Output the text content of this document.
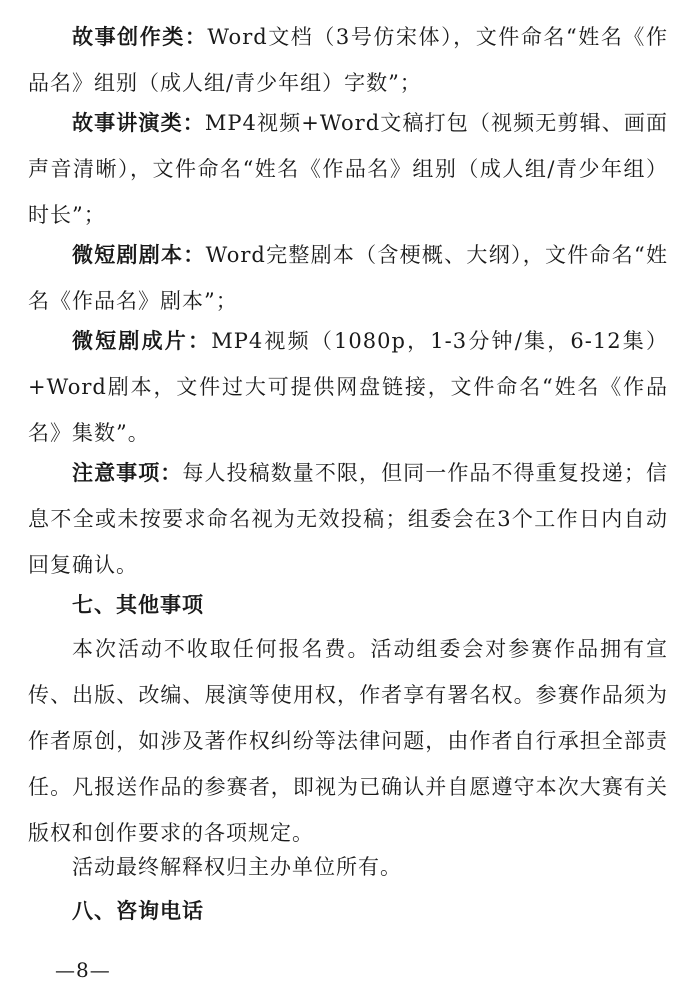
故事创作类：Word文档（3号仿宋体），文件命名“姓名《作品名》组别（成人组/青少年组）字数”；

故事讲演类：MP4视频+Word文稿打包（视频无剪辑、画面声音清晰），文件命名“姓名《作品名》组别（成人组/青少年组）时长”；

微短剧剧本：Word完整剧本（含梗概、大纲），文件命名“姓名《作品名》剧本”；

微短剧成片：MP4视频（1080p，1-3分钟/集，6-12集）+Word剧本，文件过大可提供网盘链接，文件命名“姓名《作品名》集数”。

注意事项：每人投稿数量不限，但同一作品不得重复投递；信息不全或未按要求命名视为无效投稿；组委会在3个工作日内自动回复确认。

七、其他事项

本次活动不收取任何报名费。活动组委会对参赛作品拥有宣传、出版、改编、展演等使用权，作者享有署名权。参赛作品须为作者原创，如涉及著作权纠纷等法律问题，由作者自行承担全部责任。凡报送作品的参赛者，即视为已确认并自愿遵守本次大赛有关版权和创作要求的各项规定。

活动最终解释权归主办单位所有。

八、咨询电话

—8—
